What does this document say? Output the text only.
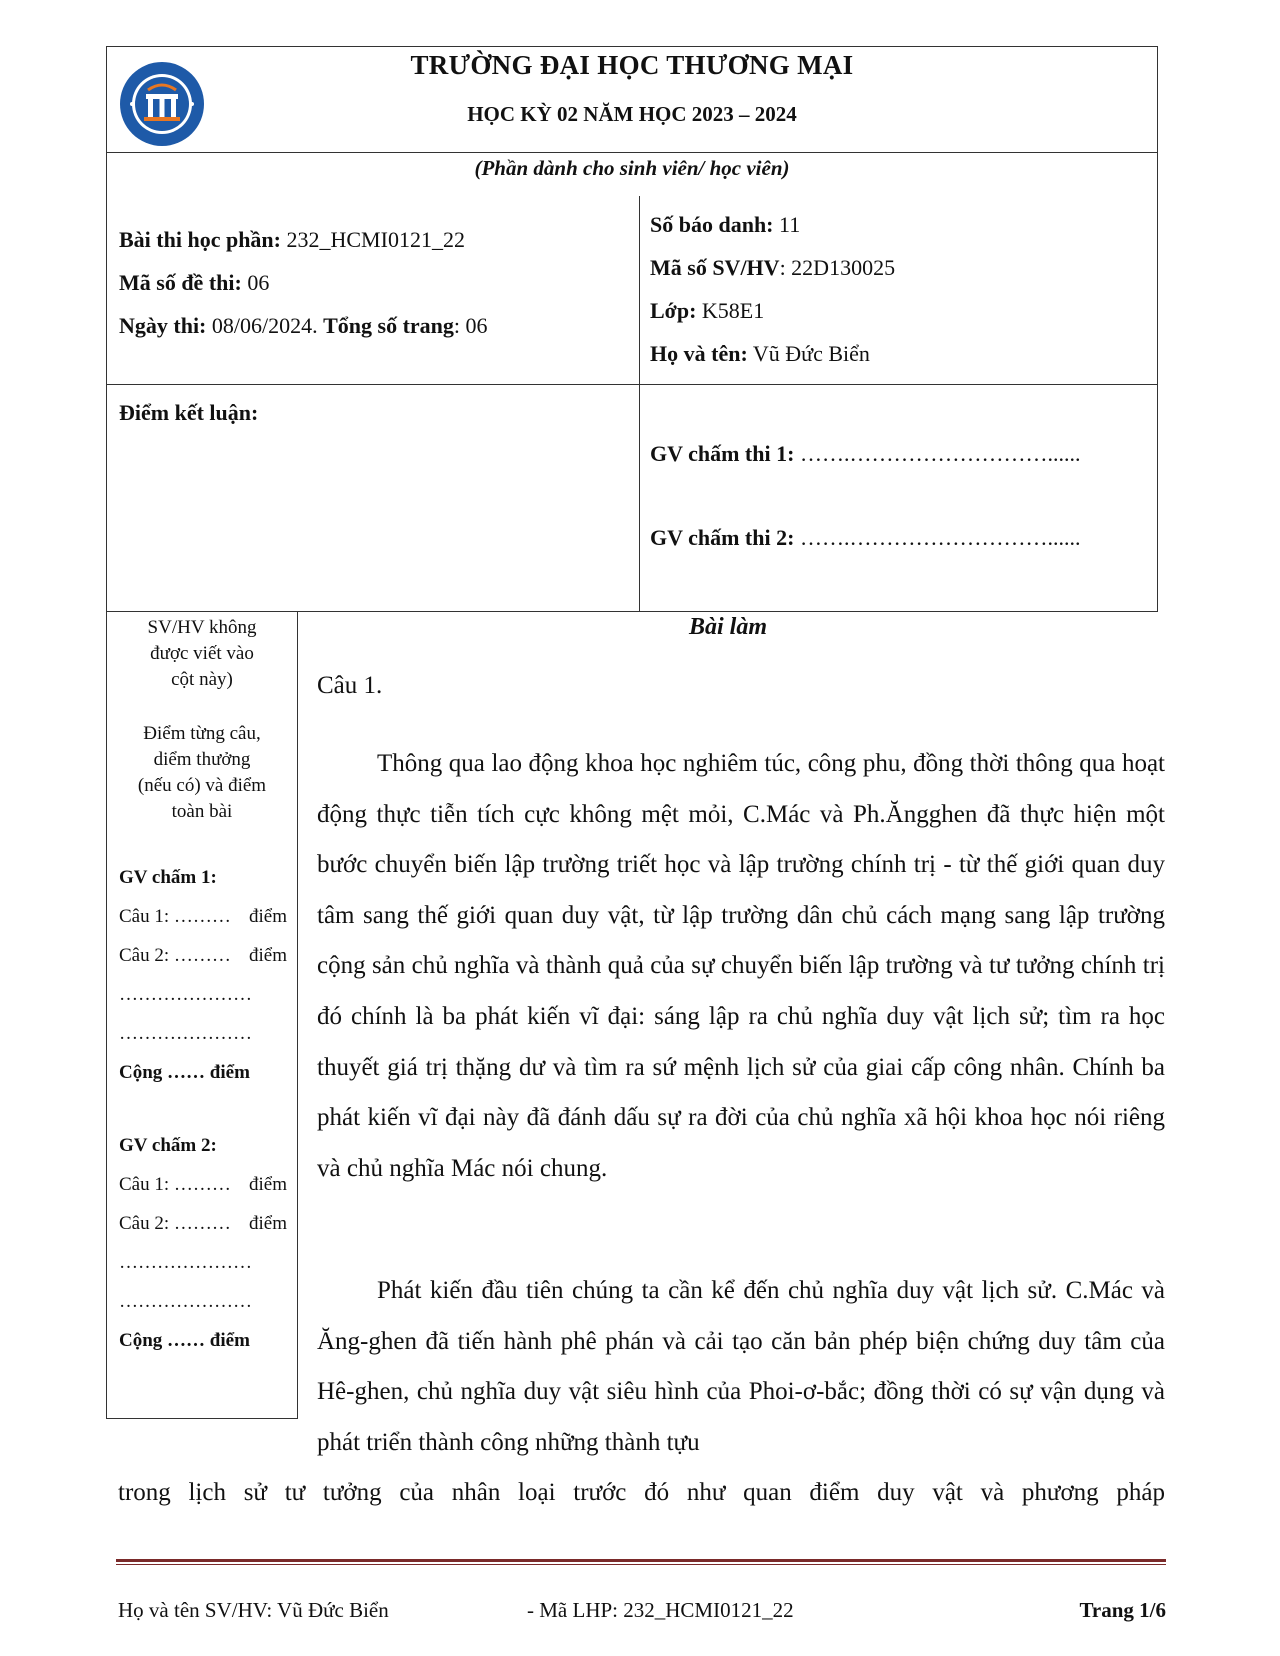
TRƯỜNG ĐẠI HỌC THƯƠNG MẠI
HỌC KỲ 02 NĂM HỌC 2023 – 2024
(Phần dành cho sinh viên/ học viên)
Bài thi học phần: 232_HCMI0121_22
Mã số đề thi: 06
Ngày thi: 08/06/2024. Tổng số trang: 06
Số báo danh: 11
Mã số SV/HV: 22D130025
Lớp: K58E1
Họ và tên: Vũ Đức Biển
Điểm kết luận:
GV chấm thi 1: …….………………………......
GV chấm thi 2: …….………………………......
SV/HV không
được viết vào
cột này)
Điểm từng câu,
diểm thưởng
(nếu có) và điểm
toàn bài
GV chấm 1:
Câu 1: ……… điểm
Câu 2: ……… điểm
…………………
…………………
Cộng …… điểm
GV chấm 2:
Câu 1: ……… điểm
Câu 2: ……… điểm
…………………
…………………
Cộng …… điểm
Bài làm
Câu 1.
Thông qua lao động khoa học nghiêm túc, công phu, đồng thời thông qua hoạt động thực tiễn tích cực không mệt mỏi, C.Mác và Ph.Ăngghen đã thực hiện một bước chuyển biến lập trường triết học và lập trường chính trị - từ thế giới quan duy tâm sang thế giới quan duy vật, từ lập trường dân chủ cách mạng sang lập trường cộng sản chủ nghĩa và thành quả của sự chuyển biến lập trường và tư tưởng chính trị đó chính là ba phát kiến vĩ đại: sáng lập ra chủ nghĩa duy vật lịch sử; tìm ra học thuyết giá trị thặng dư và tìm ra sứ mệnh lịch sử của giai cấp công nhân. Chính ba phát kiến vĩ đại này đã đánh dấu sự ra đời của chủ nghĩa xã hội khoa học nói riêng và chủ nghĩa Mác nói chung.
Phát kiến đầu tiên chúng ta cần kể đến chủ nghĩa duy vật lịch sử. C.Mác và Ăng-ghen đã tiến hành phê phán và cải tạo căn bản phép biện chứng duy tâm của Hê-ghen, chủ nghĩa duy vật siêu hình của Phoi-ơ-bắc; đồng thời có sự vận dụng và phát triển thành công những thành tựu
trong lịch sử tư tưởng của nhân loại trước đó như quan điểm duy vật và phương pháp
Họ và tên SV/HV: Vũ Đức Biển	- Mã LHP: 232_HCMI0121_22	Trang 1/6
